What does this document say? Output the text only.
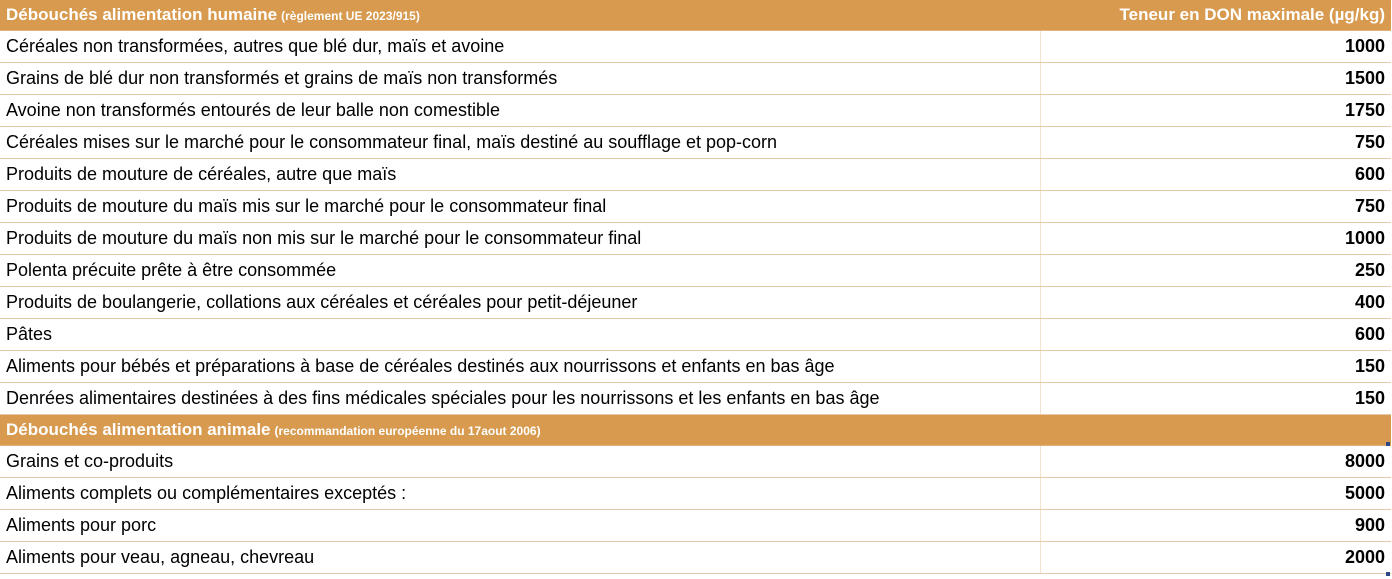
Débouchés alimentation humaine (règlement UE 2023/915)	Teneur en DON maximale (µg/kg)
Céréales non transformées, autres que blé dur, maïs et avoine	1000
Grains de blé dur non transformés et grains de maïs non transformés	1500
Avoine non transformés entourés de leur balle non comestible	1750
Céréales mises sur le marché pour le consommateur final, maïs destiné au soufflage et pop-corn	750
Produits de mouture de céréales, autre que maïs	600
Produits de mouture du maïs mis sur le marché pour le consommateur final	750
Produits de mouture du maïs non mis sur le marché pour le consommateur final	1000
Polenta précuite prête à être consommée	250
Produits de boulangerie, collations aux céréales et céréales pour petit-déjeuner	400
Pâtes	600
Aliments pour bébés et préparations à base de céréales destinés aux nourrissons et enfants en bas âge	150
Denrées alimentaires destinées à des fins médicales spéciales pour les nourrissons et les enfants en bas âge	150
Débouchés alimentation animale (recommandation européenne du 17aout 2006)	
Grains et co-produits	8000
Aliments complets ou complémentaires exceptés :	5000
Aliments pour porc	900
Aliments pour veau, agneau, chevreau	2000
